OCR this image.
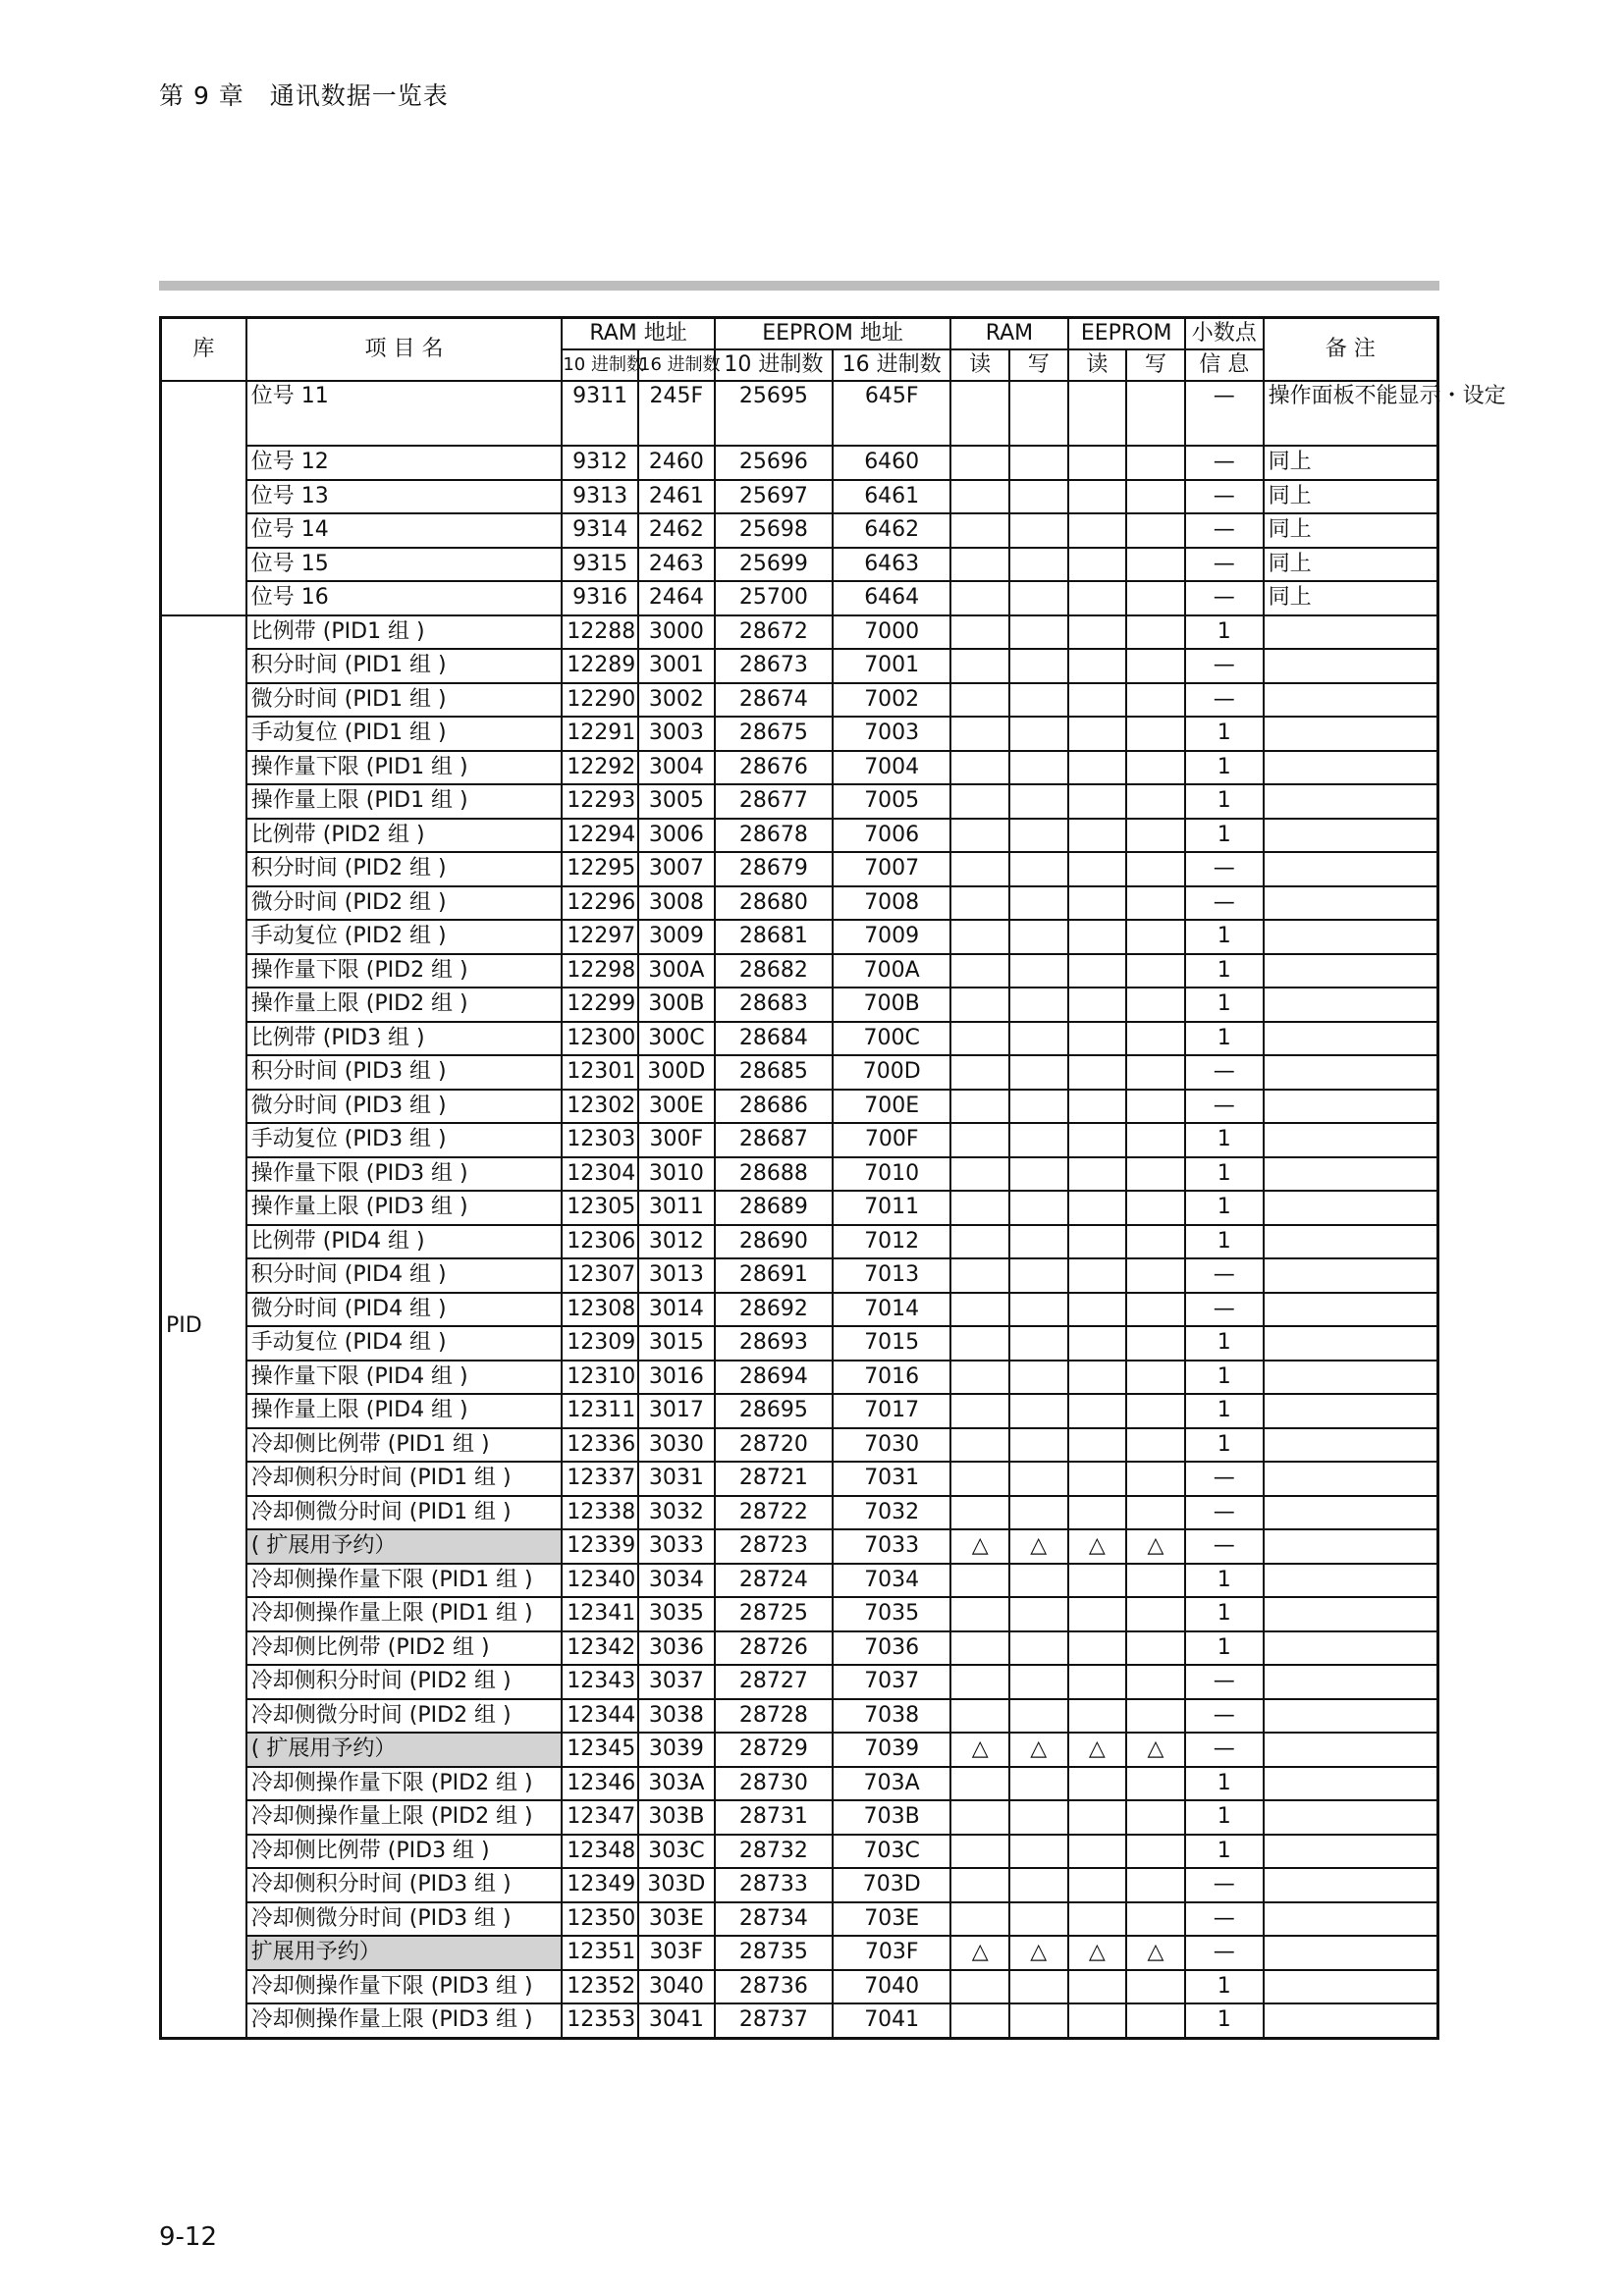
第 9 章　通讯数据一览表
库	项 目 名	RAM 地址		EEPROM 地址		RAM		EEPROM		小数点	备 注
		10 进制数	16 进制数	10 进制数	16 进制数	读	写	读	写	信 息	
	位号 11	9311	245F	25695	645F					—	操作面板不能显示・设定
	位号 12	9312	2460	25696	6460					—	同上
	位号 13	9313	2461	25697	6461					—	同上
	位号 14	9314	2462	25698	6462					—	同上
	位号 15	9315	2463	25699	6463					—	同上
	位号 16	9316	2464	25700	6464					—	同上
PID	比例带 (PID1 组 )	12288	3000	28672	7000					1	
	积分时间 (PID1 组 )	12289	3001	28673	7001					—	
	微分时间 (PID1 组 )	12290	3002	28674	7002					—	
	手动复位 (PID1 组 )	12291	3003	28675	7003					1	
	操作量下限 (PID1 组 )	12292	3004	28676	7004					1	
	操作量上限 (PID1 组 )	12293	3005	28677	7005					1	
	比例带 (PID2 组 )	12294	3006	28678	7006					1	
	积分时间 (PID2 组 )	12295	3007	28679	7007					—	
	微分时间 (PID2 组 )	12296	3008	28680	7008					—	
	手动复位 (PID2 组 )	12297	3009	28681	7009					1	
	操作量下限 (PID2 组 )	12298	300A	28682	700A					1	
	操作量上限 (PID2 组 )	12299	300B	28683	700B					1	
	比例带 (PID3 组 )	12300	300C	28684	700C					1	
	积分时间 (PID3 组 )	12301	300D	28685	700D					—	
	微分时间 (PID3 组 )	12302	300E	28686	700E					—	
	手动复位 (PID3 组 )	12303	300F	28687	700F					1	
	操作量下限 (PID3 组 )	12304	3010	28688	7010					1	
	操作量上限 (PID3 组 )	12305	3011	28689	7011					1	
	比例带 (PID4 组 )	12306	3012	28690	7012					1	
	积分时间 (PID4 组 )	12307	3013	28691	7013					—	
	微分时间 (PID4 组 )	12308	3014	28692	7014					—	
	手动复位 (PID4 组 )	12309	3015	28693	7015					1	
	操作量下限 (PID4 组 )	12310	3016	28694	7016					1	
	操作量上限 (PID4 组 )	12311	3017	28695	7017					1	
	冷却侧比例带 (PID1 组 )	12336	3030	28720	7030					1	
	冷却侧积分时间 (PID1 组 )	12337	3031	28721	7031					—	
	冷却侧微分时间 (PID1 组 )	12338	3032	28722	7032					—	
	( 扩展用予约）	12339	3033	28723	7033	△	△	△	△	—	
	冷却侧操作量下限 (PID1 组 )	12340	3034	28724	7034					1	
	冷却侧操作量上限 (PID1 组 )	12341	3035	28725	7035					1	
	冷却侧比例带 (PID2 组 )	12342	3036	28726	7036					1	
	冷却侧积分时间 (PID2 组 )	12343	3037	28727	7037					—	
	冷却侧微分时间 (PID2 组 )	12344	3038	28728	7038					—	
	( 扩展用予约）	12345	3039	28729	7039	△	△	△	△	—	
	冷却侧操作量下限 (PID2 组 )	12346	303A	28730	703A					1	
	冷却侧操作量上限 (PID2 组 )	12347	303B	28731	703B					1	
	冷却侧比例带 (PID3 组 )	12348	303C	28732	703C					1	
	冷却侧积分时间 (PID3 组 )	12349	303D	28733	703D					—	
	冷却侧微分时间 (PID3 组 )	12350	303E	28734	703E					—	
	扩展用予约）	12351	303F	28735	703F	△	△	△	△	—	
	冷却侧操作量下限 (PID3 组 )	12352	3040	28736	7040					1	
	冷却侧操作量上限 (PID3 组 )	12353	3041	28737	7041					1	
9-12
